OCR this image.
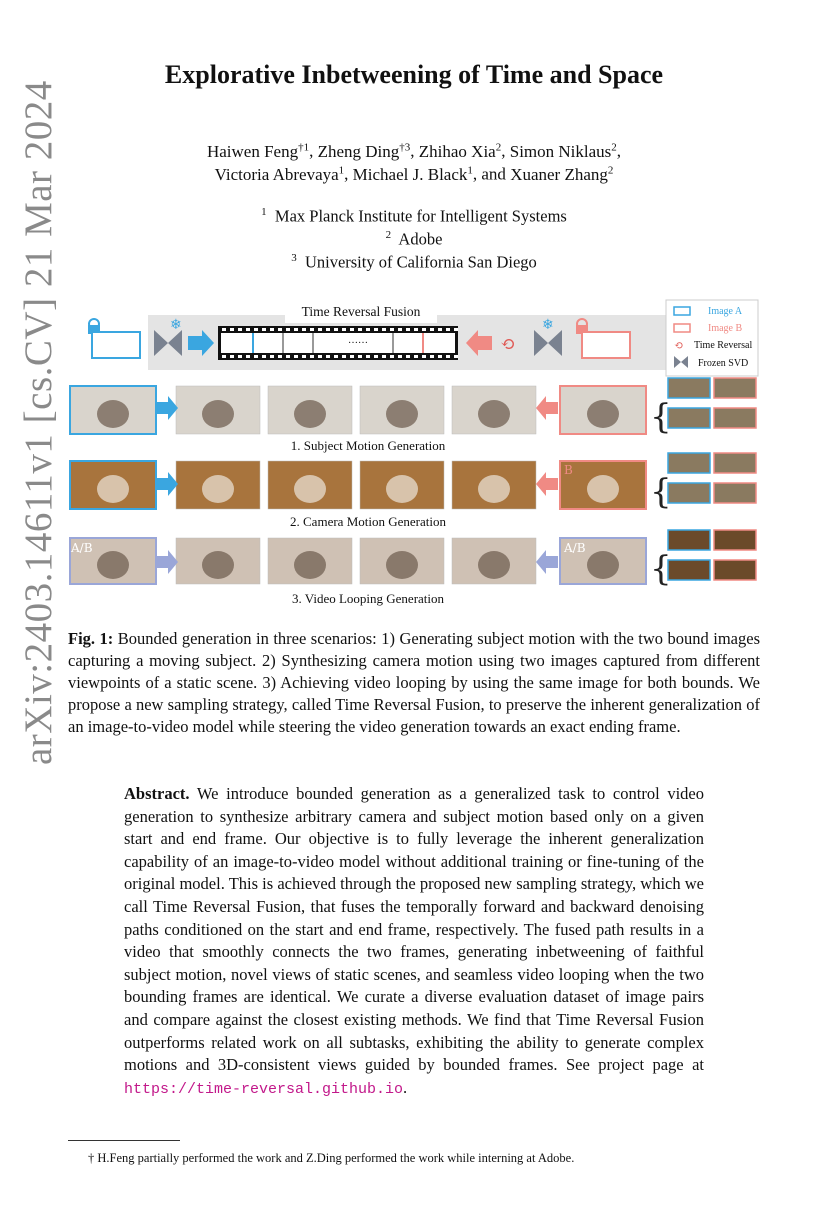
arXiv:2403.14611v1 [cs.CV] 21 Mar 2024
Explorative Inbetweening of Time and Space
Haiwen Feng$^{\dagger 1}$, Zheng Ding$^{\dagger 3}$, Zhihao Xia$^2$, Simon Niklaus$^2$,
Victoria Abrevaya$^1$, Michael J. Black$^1$, and Xuaner Zhang$^2$
$^1$ Max Planck Institute for Intelligent Systems
$^2$ Adobe
$^3$ University of California San Diego
❄	❄
⟲	⟲
{
{
{
Time Reversal Fusion
……
Image A
Image B
Time Reversal
Frozen SVD
1. Subject Motion Generation
2. Camera Motion Generation
3. Video Looping Generation
B
A/B	A/B
Fig. 1: Bounded generation in three scenarios: 1) Generating subject motion with the two bound images capturing a moving subject. 2) Synthesizing camera motion using two images captured from different viewpoints of a static scene. 3) Achieving video looping by using the same image for both bounds. We propose a new sampling strategy, called Time Reversal Fusion, to preserve the inherent generalization of an image-to-video model while steering the video generation towards an exact ending frame.
Abstract. We introduce bounded generation as a generalized task to control video generation to synthesize arbitrary camera and subject motion based only on a given start and end frame. Our objective is to fully leverage the inherent generalization capability of an image-to-video model without additional training or fine-tuning of the original model. This is achieved through the proposed new sampling strategy, which we call Time Reversal Fusion, that fuses the temporally forward and backward denoising paths conditioned on the start and end frame, respectively. The fused path results in a video that smoothly connects the two frames, generating inbetweening of faithful subject motion, novel views of static scenes, and seamless video looping when the two bounding frames are identical. We curate a diverse evaluation dataset of image pairs and compare against the closest existing methods. We find that Time Reversal Fusion outperforms related work on all subtasks, exhibiting the ability to generate complex motions and 3D-consistent views guided by bounded frames. See project page at https://time-reversal.github.io.
† H.Feng partially performed the work and Z.Ding performed the work while interning at Adobe.
